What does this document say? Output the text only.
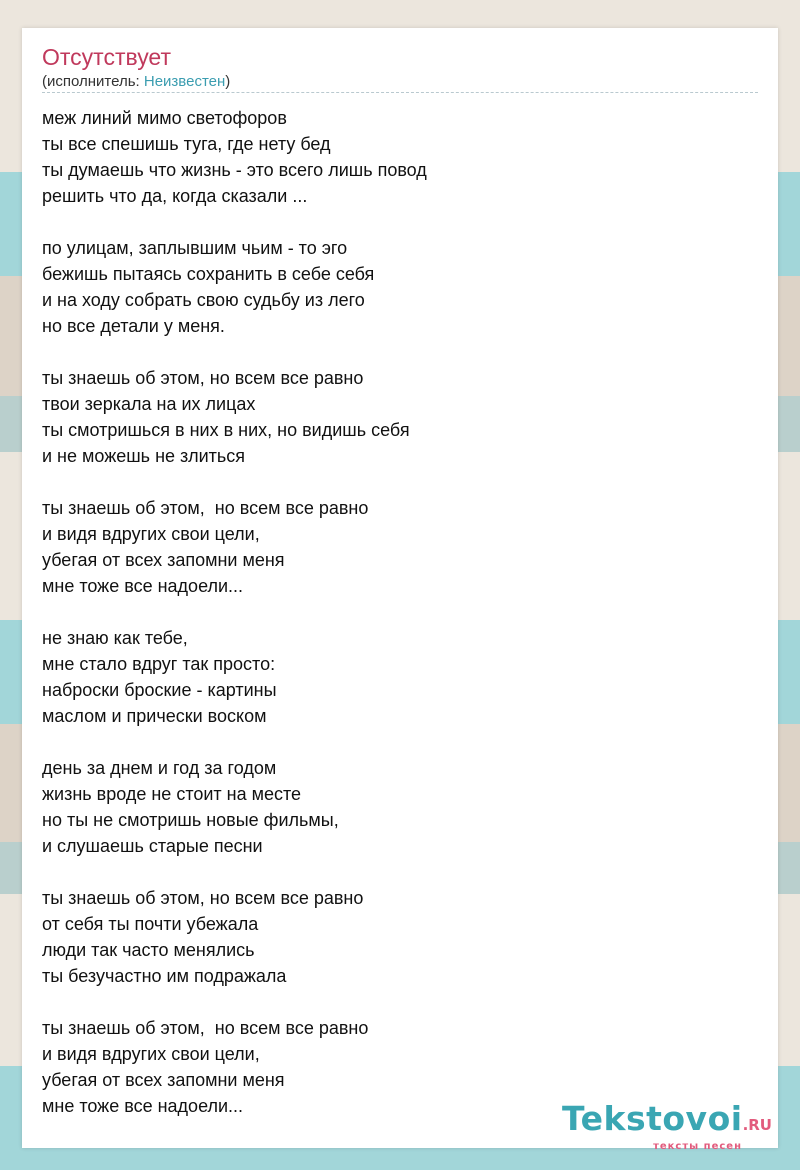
Отсутствует
(исполнитель: Неизвестен)
меж линий мимо светофоров
ты все спешишь туга, где нету бед
ты думаешь что жизнь - это всего лишь повод
решить что да, когда сказали ...
по улицам, заплывшим чьим - то эго
бежишь пытаясь сохранить в себе себя
и на ходу собрать свою судьбу из лего
но все детали у меня.
ты знаешь об этом, но всем все равно
твои зеркала на их лицах
ты смотришься в них в них, но видишь себя
и не можешь не злиться
ты знаешь об этом,  но всем все равно
и видя вдругих свои цели,
убегая от всех запомни меня
мне тоже все надоели...
не знаю как тебе,
мне стало вдруг так просто:
наброски броские - картины
маслом и прически воском
день за днем и год за годом
жизнь вроде не стоит на месте
но ты не смотришь новые фильмы,
и слушаешь старые песни
ты знаешь об этом, но всем все равно
от себя ты почти убежала
люди так часто менялись
ты безучастно им подражала
ты знаешь об этом,  но всем все равно
и видя вдругих свои цели,
убегая от всех запомни меня
мне тоже все надоели...	Tekstovoi.RU
тексты песен
